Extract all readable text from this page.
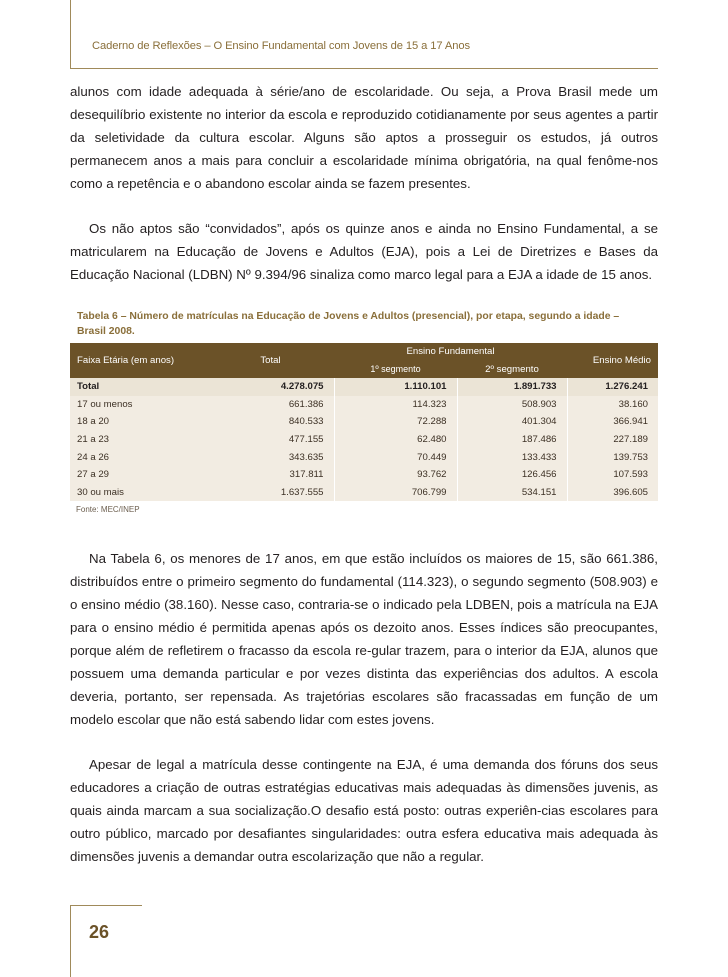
Caderno de Reflexões – O Ensino Fundamental com Jovens de 15 a 17 Anos

alunos com idade adequada à série/ano de escolaridade. Ou seja, a Prova Brasil mede um desequilíbrio existente no interior da escola e reproduzido cotidianamente por seus agentes a partir da seletividade da cultura escolar. Alguns são aptos a prosseguir os estudos, já outros permanecem anos a mais para concluir a escolaridade mínima obrigatória, na qual fenôme-nos como a repetência e o abandono escolar ainda se fazem presentes.

Os não aptos são “convidados”, após os quinze anos e ainda no Ensino Fundamental, a se matricularem na Educação de Jovens e Adultos (EJA), pois a Lei de Diretrizes e Bases da Educação Nacional (LDBN) Nº 9.394/96 sinaliza como marco legal para a EJA a idade de 15 anos.

Tabela 6 – Número de matrículas na Educação de Jovens e Adultos (presencial), por etapa, segundo a idade – Brasil 2008.
Faixa Etária (em anos)	Total	Ensino Fundamental		Ensino Médio
		1º segmento	2º segmento	
Total	4.278.075	1.110.101	1.891.733	1.276.241
17 ou menos	661.386	114.323	508.903	38.160
18 a 20	840.533	72.288	401.304	366.941
21 a 23	477.155	62.480	187.486	227.189
24 a 26	343.635	70.449	133.433	139.753
27 a 29	317.811	93.762	126.456	107.593
30 ou mais	1.637.555	706.799	534.151	396.605
Fonte: MEC/INEP

Na Tabela 6, os menores de 17 anos, em que estão incluídos os maiores de 15, são 661.386, distribuídos entre o primeiro segmento do fundamental (114.323), o segundo segmento (508.903) e o ensino médio (38.160). Nesse caso, contraria-se o indicado pela LDBEN, pois a matrícula na EJA para o ensino médio é permitida apenas após os dezoito anos. Esses índices são preocupantes, porque além de refletirem o fracasso da escola re-gular trazem, para o interior da EJA, alunos que possuem uma demanda particular e por vezes distinta das experiências dos adultos. A escola deveria, portanto, ser repensada. As trajetórias escolares são fracassadas em função de um modelo escolar que não está sabendo lidar com estes jovens.

Apesar de legal a matrícula desse contingente na EJA, é uma demanda dos fóruns dos seus educadores a criação de outras estratégias educativas mais adequadas às dimensões juvenis, as quais ainda marcam a sua socialização.O desafio está posto: outras experiên-cias escolares para outro público, marcado por desafiantes singularidades: outra esfera educativa mais adequada às dimensões juvenis a demandar outra escolarização que não a regular.

26
